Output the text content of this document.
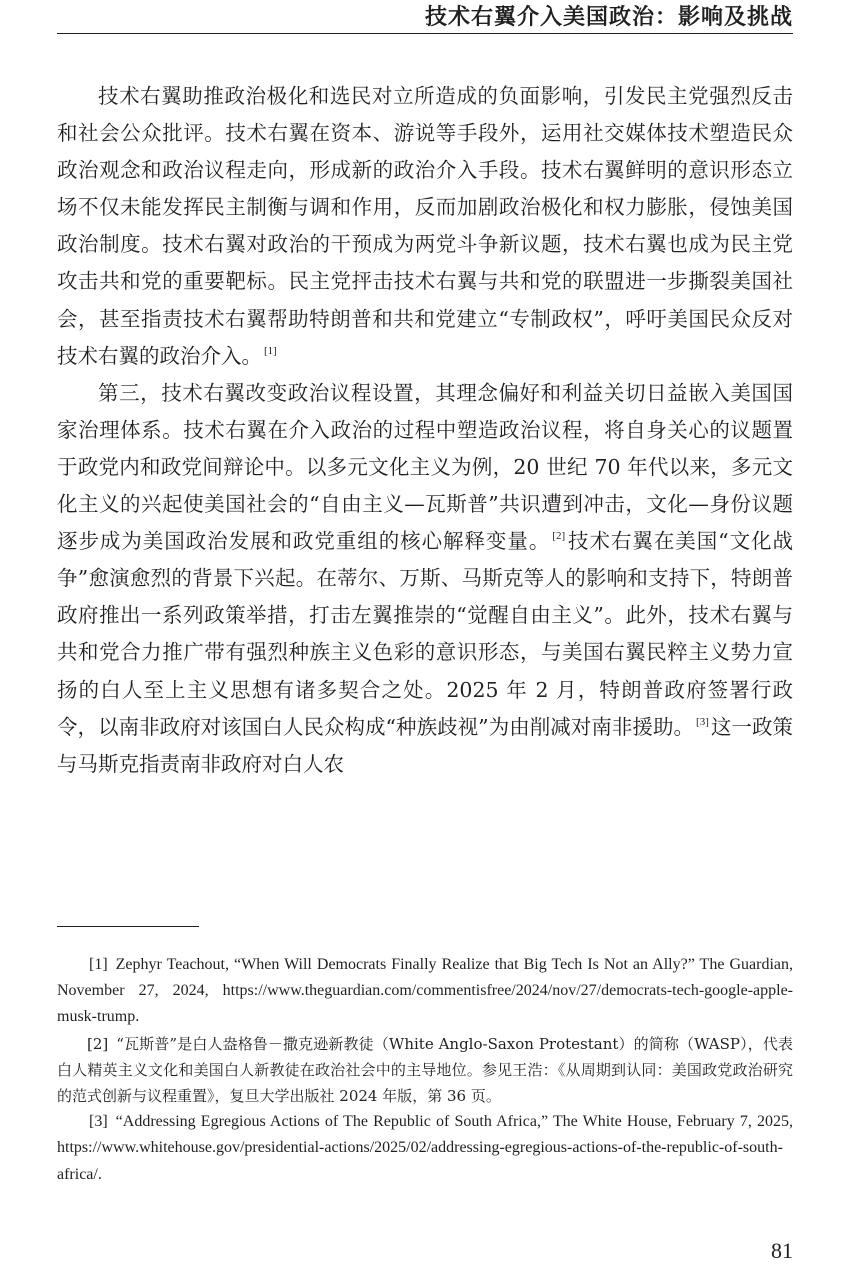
技术右翼介入美国政治：影响及挑战

技术右翼助推政治极化和选民对立所造成的负面影响，引发民主党强烈反击和社会公众批评。技术右翼在资本、游说等手段外，运用社交媒体技术塑造民众政治观念和政治议程走向，形成新的政治介入手段。技术右翼鲜明的意识形态立场不仅未能发挥民主制衡与调和作用，反而加剧政治极化和权力膨胀，侵蚀美国政治制度。技术右翼对政治的干预成为两党斗争新议题，技术右翼也成为民主党攻击共和党的重要靶标。民主党抨击技术右翼与共和党的联盟进一步撕裂美国社会，甚至指责技术右翼帮助特朗普和共和党建立“专制政权”，呼吁美国民众反对技术右翼的政治介入。 [1]

第三，技术右翼改变政治议程设置，其理念偏好和利益关切日益嵌入美国国家治理体系。技术右翼在介入政治的过程中塑造政治议程，将自身关心的议题置于政党内和政党间辩论中。以多元文化主义为例，20 世纪 70 年代以来，多元文化主义的兴起使美国社会的“自由主义—瓦斯普”共识遭到冲击，文化—身份议题逐步成为美国政治发展和政党重组的核心解释变量。 [2]技术右翼在美国“文化战争”愈演愈烈的背景下兴起。在蒂尔、万斯、马斯克等人的影响和支持下，特朗普政府推出一系列政策举措，打击左翼推崇的“觉醒自由主义”。此外，技术右翼与共和党合力推广带有强烈种族主义色彩的意识形态，与美国右翼民粹主义势力宣扬的白人至上主义思想有诸多契合之处。2025 年 2 月，特朗普政府签署行政令，以南非政府对该国白人民众构成“种族歧视”为由削减对南非援助。 [3]这一政策与马斯克指责南非政府对白人农

[1] Zephyr Teachout, “When Will Democrats Finally Realize that Big Tech Is Not an Ally?” The Guardian, November 27, 2024, https://www.theguardian.com/commentisfree/2024/nov/27/democrats-tech-google-apple-musk-trump.

[2] “瓦斯普”是白人盎格鲁－撒克逊新教徒（White Anglo-Saxon Protestant）的简称（WASP），代表白人精英主义文化和美国白人新教徒在政治社会中的主导地位。参见王浩：《从周期到认同：美国政党政治研究的范式创新与议程重置》，复旦大学出版社 2024 年版，第 36 页。

[3] “Addressing Egregious Actions of The Republic of South Africa,” The White House, February 7, 2025, https://www.whitehouse.gov/presidential-actions/2025/02/addressing-egregious-actions-of-the-republic-of-south-africa/.

81
